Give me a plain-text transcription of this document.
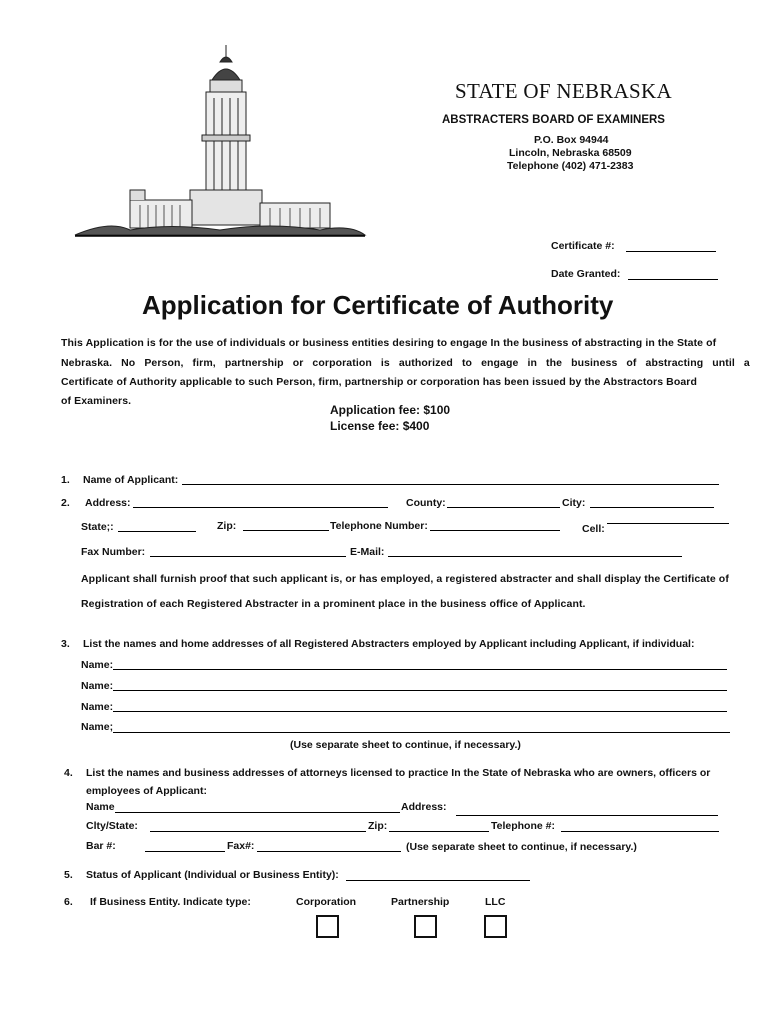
STATE OF NEBRASKA
ABSTRACTERS BOARD OF EXAMINERS
P.O. Box 94944
Lincoln, Nebraska 68509
Telephone (402) 471-2383
Certificate #:
Date Granted:
Application for Certificate of Authority
This Application is for the use of individuals or business entities desiring to engage In the business of abstracting in the State of
Nebraska. No Person, firm, partnership or corporation is authorized to engage in the business of abstracting until a
Certificate of Authority applicable to such Person, firm, partnership or corporation has been issued by the Abstractors Board
of Examiners.
Application fee: $100
License fee: $400
1. Name of Applicant:
2. Address:	County:	City:
State;:	Zip:	Telephone Number:	Cell:
Fax Number:	E-Mail:
Applicant shall furnish proof that such applicant is, or has employed, a registered abstracter and shall display the Certificate of
Registration of each Registered Abstracter in a prominent place in the business office of Applicant.
3. List the names and home addresses of all Registered Abstracters employed by Applicant including Applicant, if individual:
Name:
Name:
Name:
Name;
(Use separate sheet to continue, if necessary.)
4. List the names and business addresses of attorneys licensed to practice In the State of Nebraska who are owners, officers or
employees of Applicant:
Name	Address:
Clty/State:	Zip:	Telephone #:
Bar #:	Fax#:	(Use separate sheet to continue, if necessary.)
5. Status of Applicant (Individual or Business Entity):
6. If Business Entity. Indicate type:	Corporation	Partnership	LLC
